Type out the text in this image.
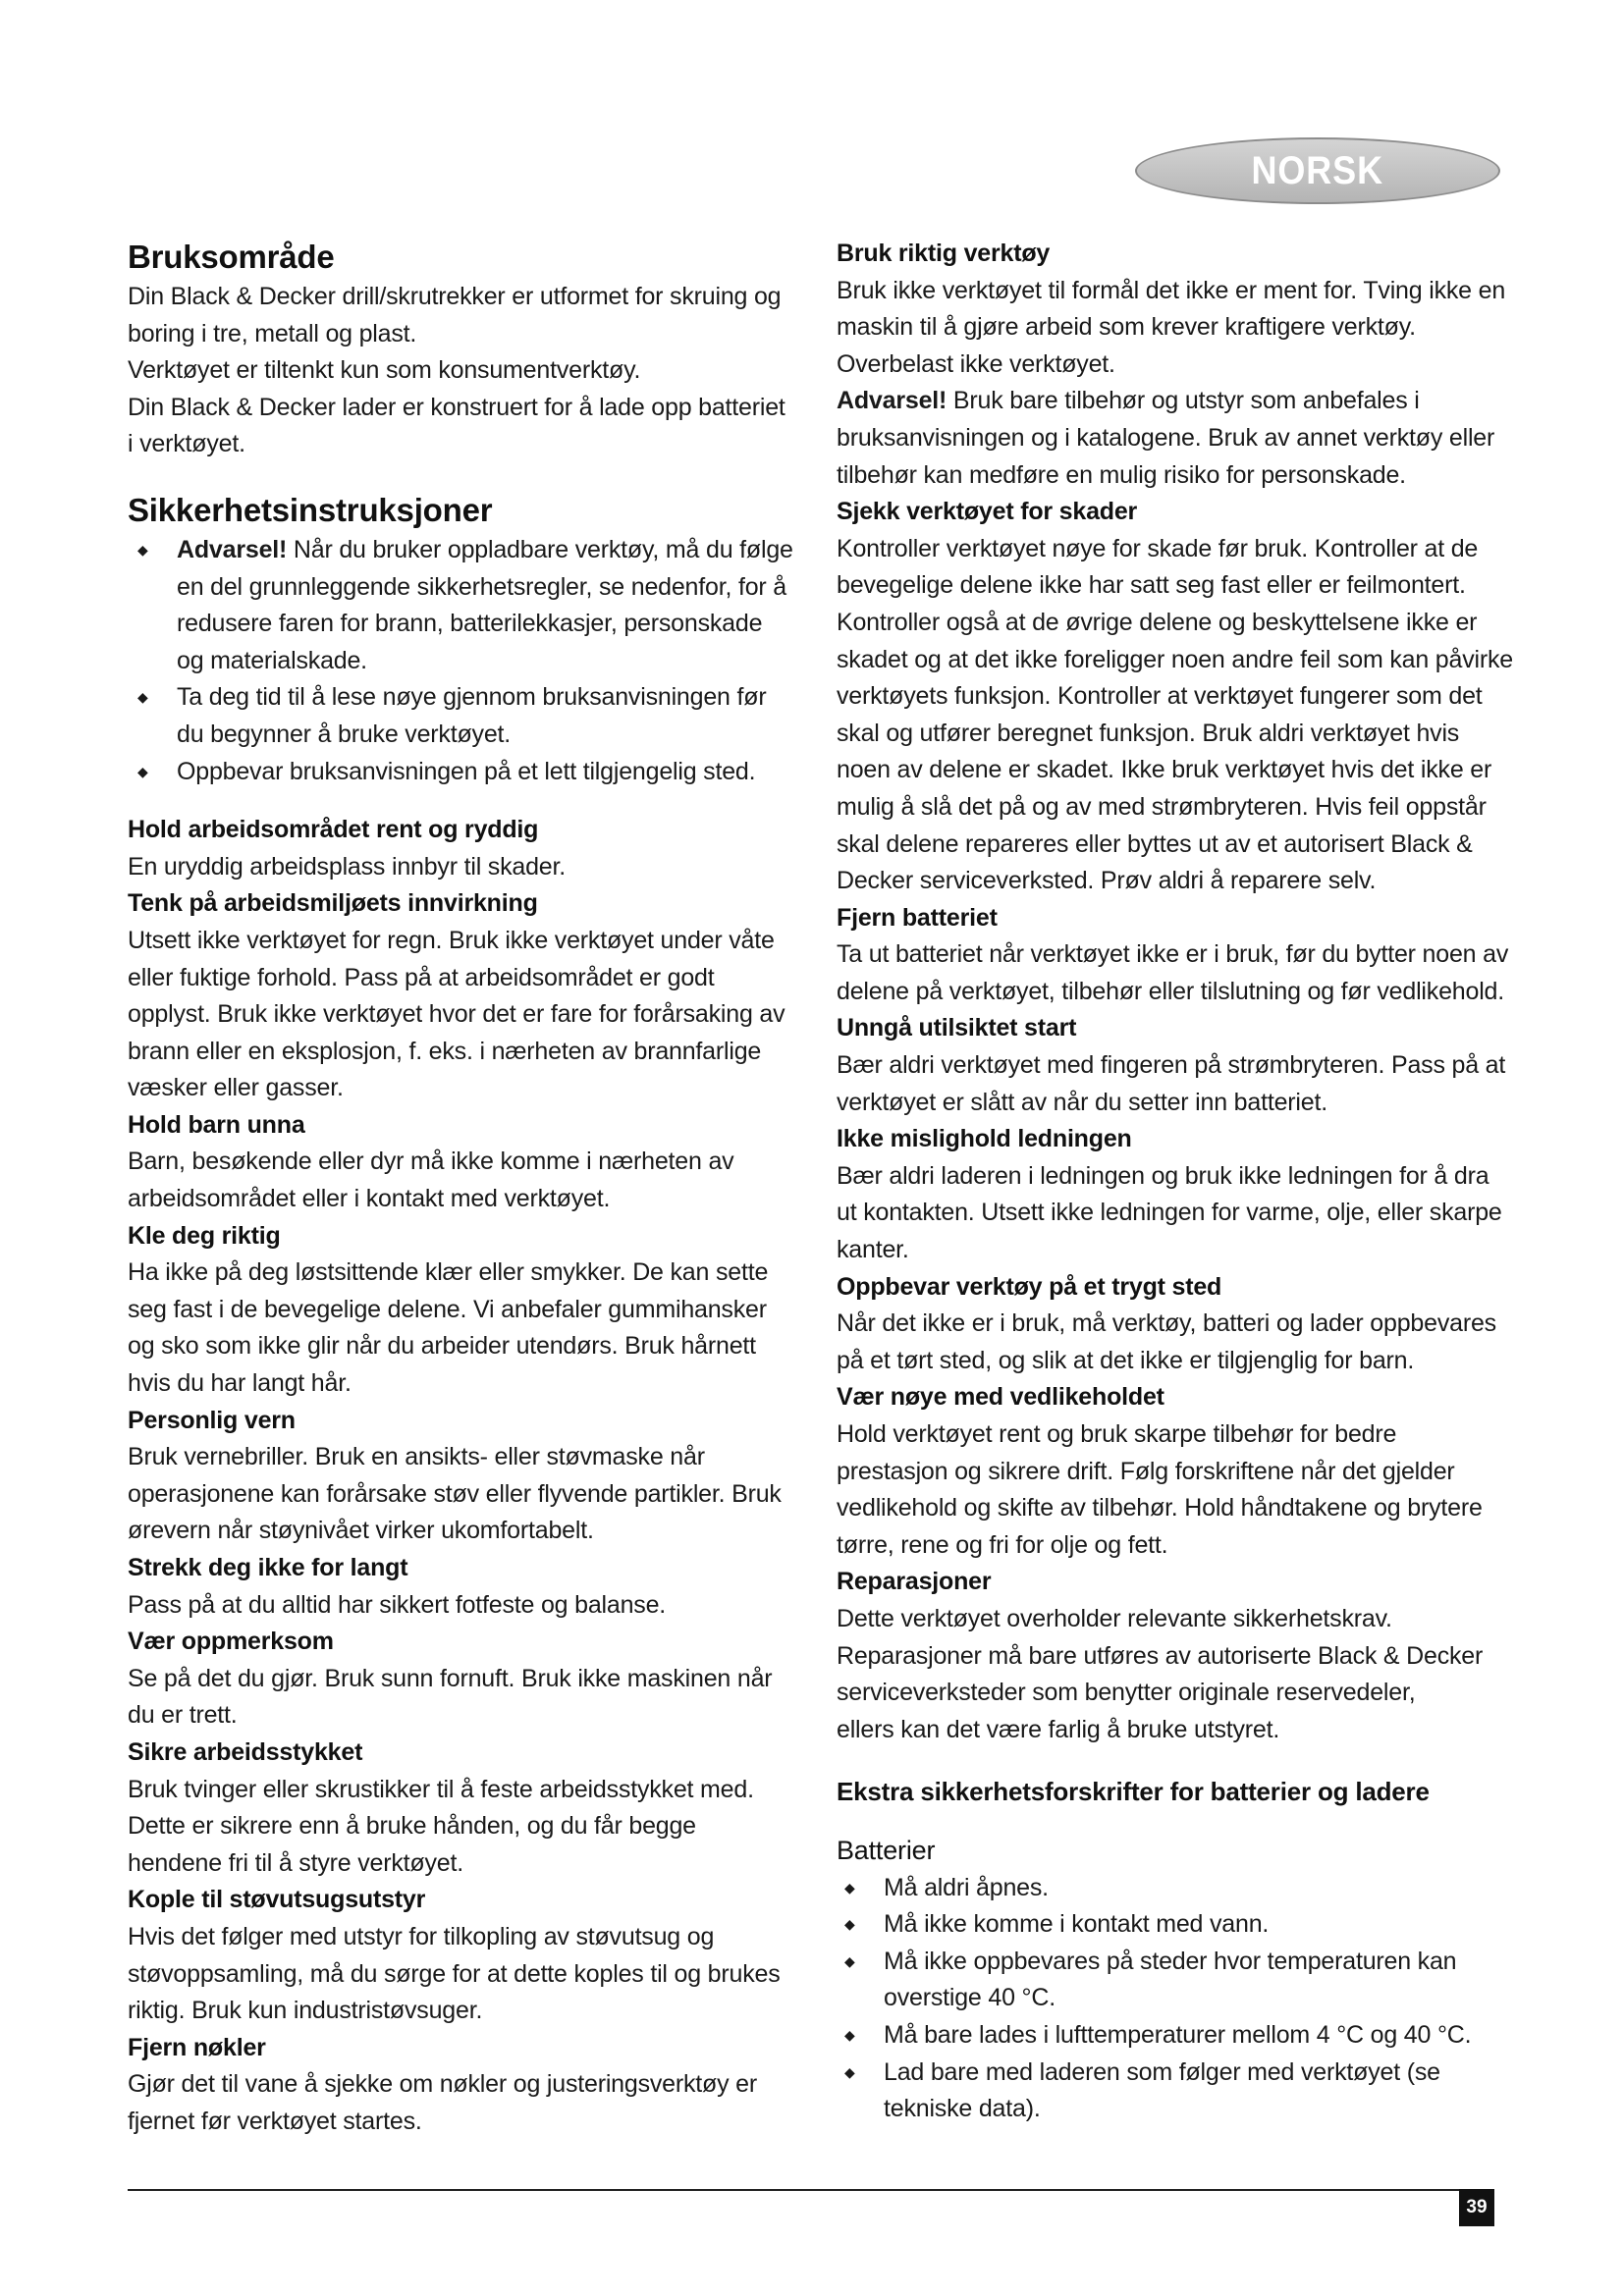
NORSK
Bruksområde

Din Black & Decker drill/skrutrekker er utformet for skruing og boring i tre, metall og plast.

Verktøyet er tiltenkt kun som konsumentverktøy.

Din Black & Decker lader er konstruert for å lade opp batteriet i verktøyet.

Sikkerhetsinstruksjoner
◆ Advarsel! Når du bruker oppladbare verktøy, må du følge en del grunnleggende sikkerhetsregler, se nedenfor, for å redusere faren for brann, batterilekkasjer, personskade og materialskade.
◆ Ta deg tid til å lese nøye gjennom bruksanvisningen før du begynner å bruke verktøyet.
◆ Oppbevar bruksanvisningen på et lett tilgjengelig sted.
Hold arbeidsområdet rent og ryddig

En uryddig arbeidsplass innbyr til skader.

Tenk på arbeidsmiljøets innvirkning

Utsett ikke verktøyet for regn. Bruk ikke verktøyet under våte eller fuktige forhold. Pass på at arbeidsområdet er godt opplyst. Bruk ikke verktøyet hvor det er fare for forårsaking av brann eller en eksplosjon, f. eks. i nærheten av brannfarlige væsker eller gasser.

Hold barn unna

Barn, besøkende eller dyr må ikke komme i nærheten av arbeidsområdet eller i kontakt med verktøyet.

Kle deg riktig

Ha ikke på deg løstsittende klær eller smykker. De kan sette seg fast i de bevegelige delene. Vi anbefaler gummihansker og sko som ikke glir når du arbeider utendørs. Bruk hårnett hvis du har langt hår.

Personlig vern

Bruk vernebriller. Bruk en ansikts- eller støvmaske når operasjonene kan forårsake støv eller flyvende partikler. Bruk ørevern når støynivået virker ukomfortabelt.

Strekk deg ikke for langt

Pass på at du alltid har sikkert fotfeste og balanse.

Vær oppmerksom

Se på det du gjør. Bruk sunn fornuft. Bruk ikke maskinen når du er trett.

Sikre arbeidsstykket

Bruk tvinger eller skrustikker til å feste arbeidsstykket med. Dette er sikrere enn å bruke hånden, og du får begge hendene fri til å styre verktøyet.

Kople til støvutsugsutstyr

Hvis det følger med utstyr for tilkopling av støvutsug og støvoppsamling, må du sørge for at dette koples til og brukes riktig. Bruk kun industristøvsuger.

Fjern nøkler

Gjør det til vane å sjekke om nøkler og justeringsverktøy er fjernet før verktøyet startes.

Bruk riktig verktøy

Bruk ikke verktøyet til formål det ikke er ment for. Tving ikke en maskin til å gjøre arbeid som krever kraftigere verktøy. Overbelast ikke verktøyet.

Advarsel! Bruk bare tilbehør og utstyr som anbefales i bruksanvisningen og i katalogene. Bruk av annet verktøy eller tilbehør kan medføre en mulig risiko for personskade.

Sjekk verktøyet for skader

Kontroller verktøyet nøye for skade før bruk. Kontroller at de bevegelige delene ikke har satt seg fast eller er feilmontert. Kontroller også at de øvrige delene og beskyttelsene ikke er skadet og at det ikke foreligger noen andre feil som kan påvirke verktøyets funksjon. Kontroller at verktøyet fungerer som det skal og utfører beregnet funksjon. Bruk aldri verktøyet hvis noen av delene er skadet. Ikke bruk verktøyet hvis det ikke er mulig å slå det på og av med strømbryteren. Hvis feil oppstår skal delene repareres eller byttes ut av et autorisert Black & Decker serviceverksted. Prøv aldri å reparere selv.

Fjern batteriet

Ta ut batteriet når verktøyet ikke er i bruk, før du bytter noen av delene på verktøyet, tilbehør eller tilslutning og før vedlikehold.

Unngå utilsiktet start

Bær aldri verktøyet med fingeren på strømbryteren. Pass på at verktøyet er slått av når du setter inn batteriet.

Ikke mislighold ledningen

Bær aldri laderen i ledningen og bruk ikke ledningen for å dra ut kontakten. Utsett ikke ledningen for varme, olje, eller skarpe kanter.

Oppbevar verktøy på et trygt sted

Når det ikke er i bruk, må verktøy, batteri og lader oppbevares på et tørt sted, og slik at det ikke er tilgjenglig for barn.

Vær nøye med vedlikeholdet

Hold verktøyet rent og bruk skarpe tilbehør for bedre prestasjon og sikrere drift. Følg forskriftene når det gjelder vedlikehold og skifte av tilbehør. Hold håndtakene og brytere tørre, rene og fri for olje og fett.

Reparasjoner

Dette verktøyet overholder relevante sikkerhetskrav.

Reparasjoner må bare utføres av autoriserte Black & Decker serviceverksteder som benytter originale reservedeler,

ellers kan det være farlig å bruke utstyret.

Ekstra sikkerhetsforskrifter for batterier og ladere
Batterier
◆ Må aldri åpnes.
◆ Må ikke komme i kontakt med vann.
◆ Må ikke oppbevares på steder hvor temperaturen kan overstige 40 °C.
◆ Må bare lades i lufttemperaturer mellom 4 °C og 40 °C.
◆ Lad bare med laderen som følger med verktøyet (se tekniske data).
39
